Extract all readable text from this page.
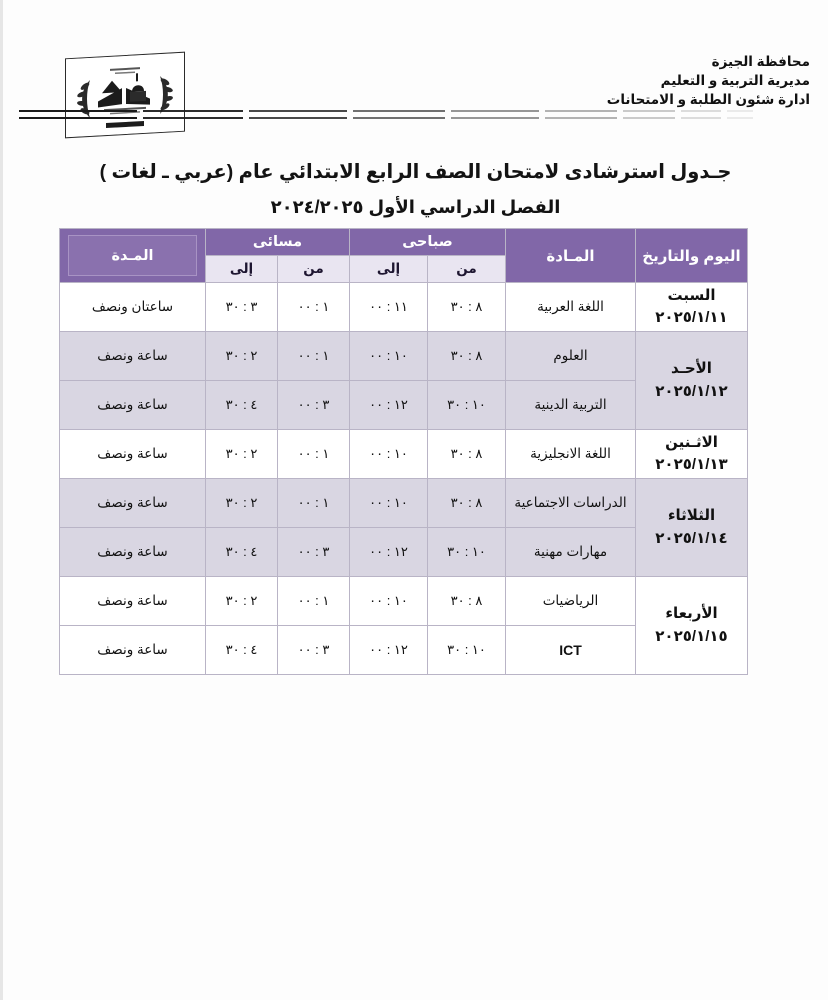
محافظة الجيزة
مديرية التربية و التعليم
ادارة شئون الطلبة و الامتحانات
جـدول استرشادى لامتحان الصف الرابع الابتدائي عام (عربي ـ لغات )
الفصل الدراسي الأول ٢٠٢٤/٢٠٢٥
اليوم والتاريخ	المـادة	صباحى		مسائى		المـدة

		من	إلى	من	إلى	

السبت
٢٠٢٥/١/١١	اللغة العربية	٨ : ٣٠	١١ : ٠٠	١ : ٠٠	٣ : ٣٠	ساعتان ونصف

الأحـد
٢٠٢٥/١/١٢	العلوم	٨ : ٣٠	١٠ : ٠٠	١ : ٠٠	٢ : ٣٠	ساعة ونصف
	التربية الدينية	١٠ : ٣٠	١٢ : ٠٠	٣ : ٠٠	٤ : ٣٠	ساعة ونصف

الاثـنين
٢٠٢٥/١/١٣	اللغة الانجليزية	٨ : ٣٠	١٠ : ٠٠	١ : ٠٠	٢ : ٣٠	ساعة ونصف

الثلاثاء
٢٠٢٥/١/١٤	الدراسات الاجتماعية	٨ : ٣٠	١٠ : ٠٠	١ : ٠٠	٢ : ٣٠	ساعة ونصف
	مهارات مهنية	١٠ : ٣٠	١٢ : ٠٠	٣ : ٠٠	٤ : ٣٠	ساعة ونصف

الأربعاء
٢٠٢٥/١/١٥	الرياضيات	٨ : ٣٠	١٠ : ٠٠	١ : ٠٠	٢ : ٣٠	ساعة ونصف
	ICT	١٠ : ٣٠	١٢ : ٠٠	٣ : ٠٠	٤ : ٣٠	ساعة ونصف
